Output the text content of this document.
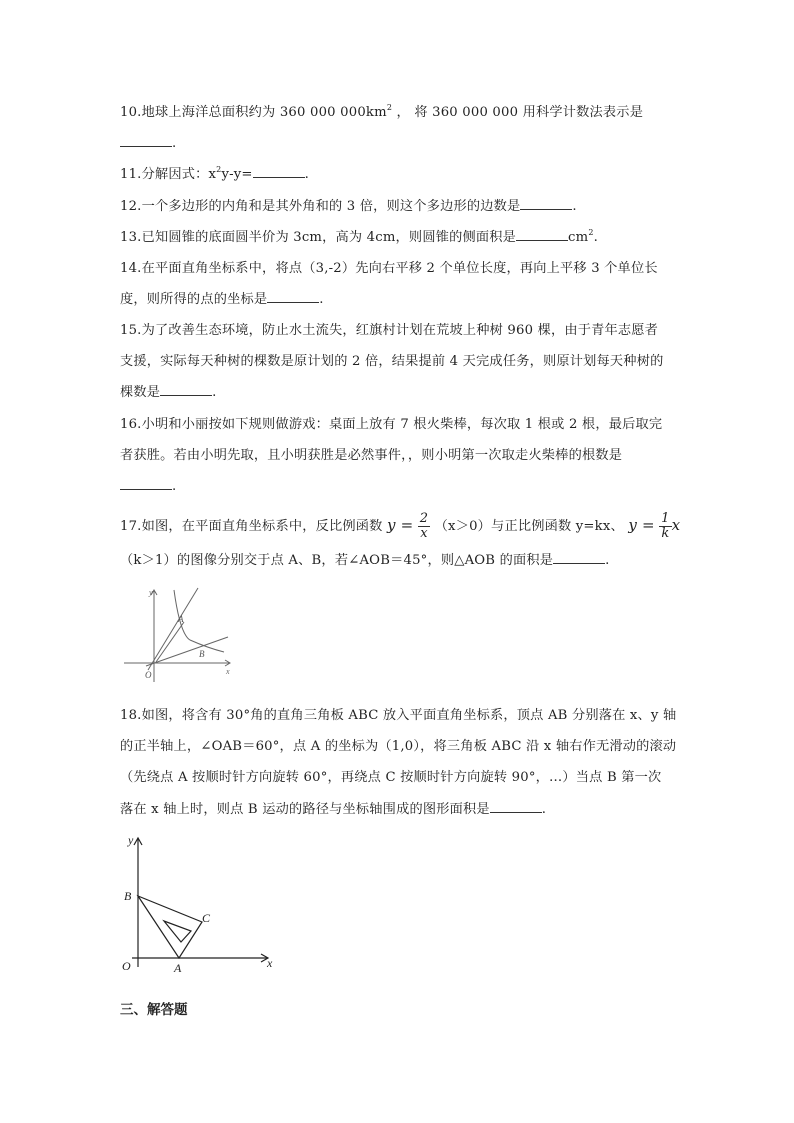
10.地球上海洋总面积约为 360 000 $000km^2$ ， 将 360 000 000 用科学计数法表示是
.
11.分解因式：$x^2y-y=$	.
12.一个多边形的内角和是其外角和的 3 倍，则这个多边形的边数是	.
13.已知圆锥的底面圆半价为 3cm，高为 4cm，则圆锥的侧面积是	$cm^2$.
14.在平面直角坐标系中，将点（3,-2）先向右平移 2 个单位长度，再向上平移 3 个单位长
度，则所得的点的坐标是	.
15.为了改善生态环境，防止水土流失，红旗村计划在荒坡上种树 960 棵，由于青年志愿者
支援，实际每天种树的棵数是原计划的 2 倍，结果提前 4 天完成任务，则原计划每天种树的
棵数是	.
16.小明和小丽按如下规则做游戏：桌面上放有 7 根火柴棒，每次取 1 根或 2 根，最后取完
者获胜。若由小明先取，且小明获胜是必然事件，，则小明第一次取走火柴棒的根数是
.
17.如图，在平面直角坐标系中，反比例函数 $y = \frac{2}{x} (x>0)$与正比例函数 y=kx、 $y = \frac{1}{k}$ x
（k＞1）的图像分别交于点 A、B，若∠AOB＝45°，则△AOB 的面积是	.
y
x
A
B
O
18.如图，将含有 30°角的直角三角板 ABC 放入平面直角坐标系，顶点 AB 分别落在 x、y 轴
的正半轴上，∠OAB＝60°，点 A 的坐标为（1,0），将三角板 ABC 沿 x 轴右作无滑动的滚动
（先绕点 A 按顺时针方向旋转 60°，再绕点 C 按顺时针方向旋转 90°，…）当点 B 第一次
落在 x 轴上时，则点 B 运动的路径与坐标轴围成的图形面积是	.
y
x
B
C
O	A
三、解答题
